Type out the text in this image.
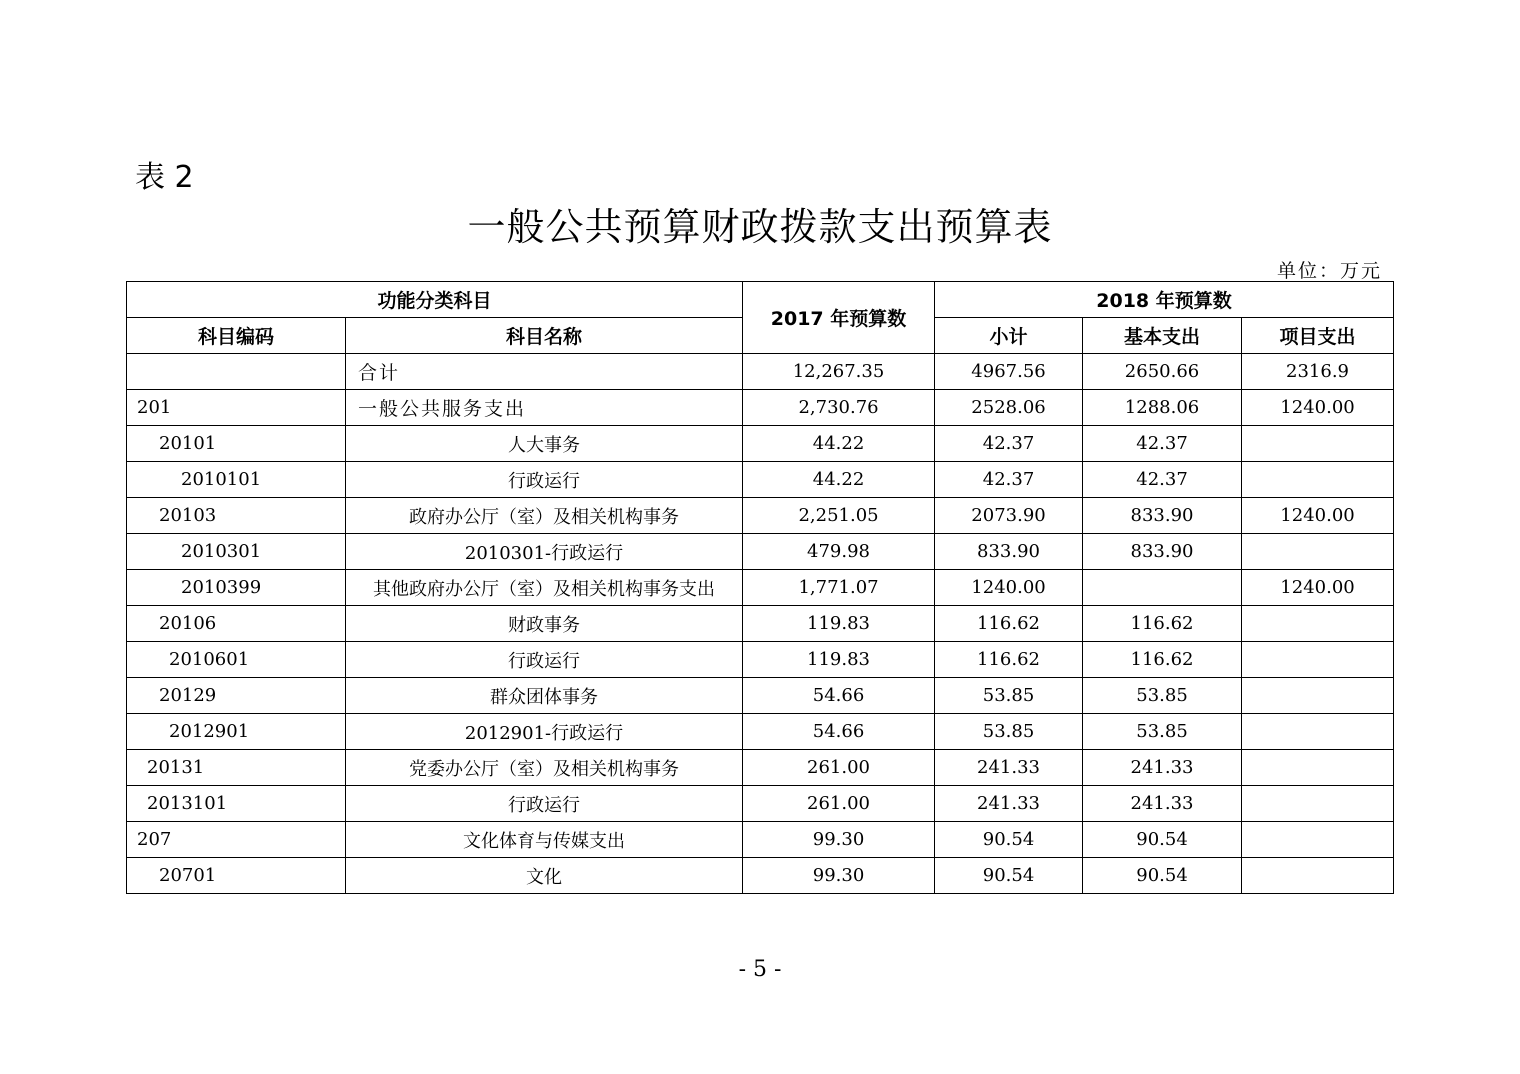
表 2
一般公共预算财政拨款支出预算表
单位：万元
功能分类科目		2017 年预算数	2018 年预算数		
科目编码	科目名称		小计	基本支出	项目支出
	合计	12,267.35	4967.56	2650.66	2316.9
201	一般公共服务支出	2,730.76	2528.06	1288.06	1240.00
20101	人大事务	44.22	42.37	42.37	
2010101	行政运行	44.22	42.37	42.37	
20103	政府办公厅（室）及相关机构事务	2,251.05	2073.90	833.90	1240.00
2010301	2010301-行政运行	479.98	833.90	833.90	
2010399	其他政府办公厅（室）及相关机构事务支出	1,771.07	1240.00		1240.00
20106	财政事务	119.83	116.62	116.62	
2010601	行政运行	119.83	116.62	116.62	
20129	群众团体事务	54.66	53.85	53.85	
2012901	2012901-行政运行	54.66	53.85	53.85	
20131	党委办公厅（室）及相关机构事务	261.00	241.33	241.33	
2013101	行政运行	261.00	241.33	241.33	
207	文化体育与传媒支出	99.30	90.54	90.54	
20701	文化	99.30	90.54	90.54	
- 5 -
